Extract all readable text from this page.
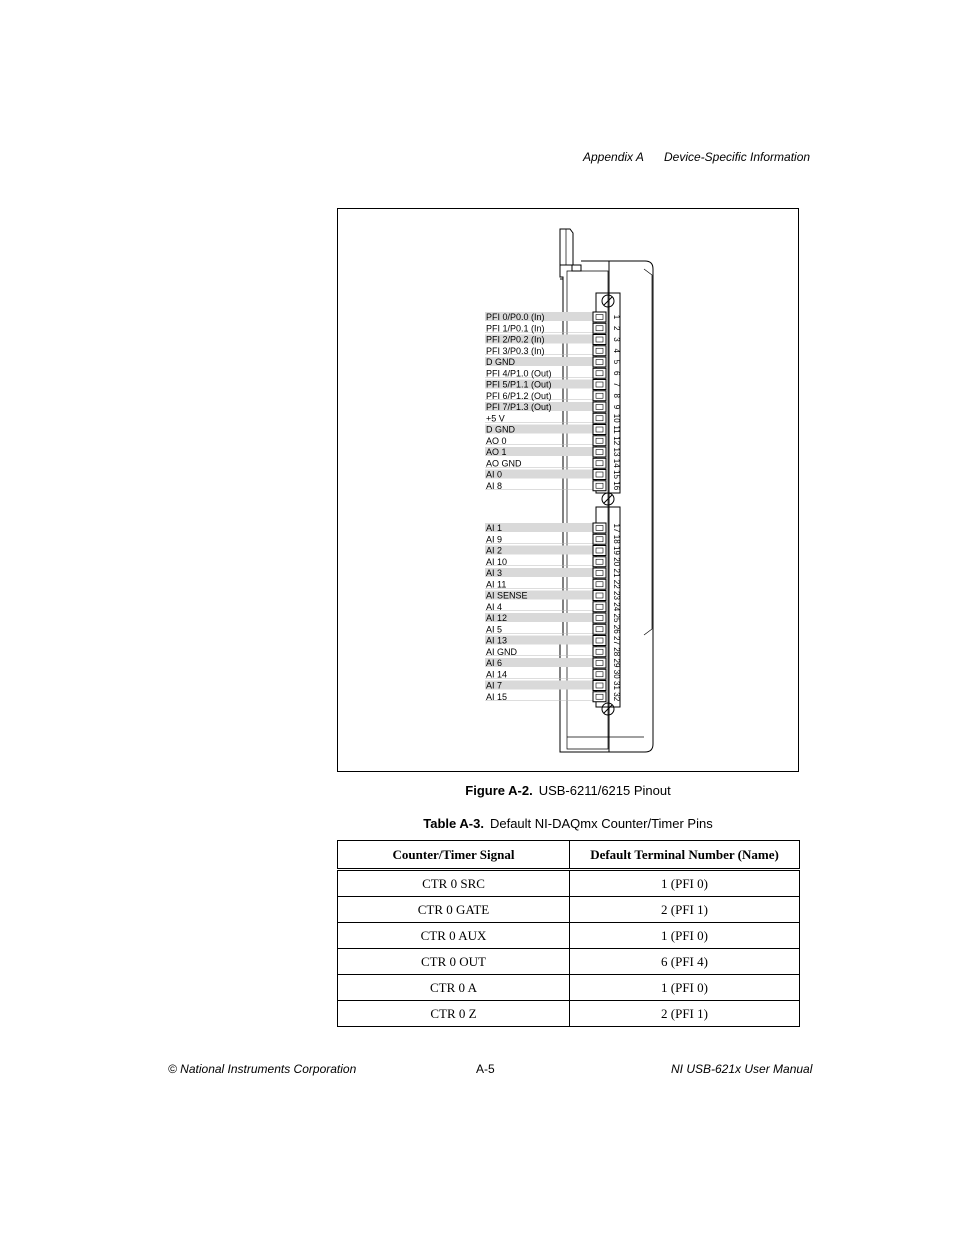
Appendix A Device-Specific Information
PFI 0/P0.0 (In)	1
PFI 1/P0.1 (In)	2
PFI 2/P0.2 (In)	3
PFI 3/P0.3 (In)	4
D GND	5
PFI 4/P1.0 (Out)	6
PFI 5/P1.1 (Out)	7
PFI 6/P1.2 (Out)	8
PFI 7/P1.3 (Out)	9
+5 V	10
D GND	11
AO 0	12
AO 1	13
AO GND	14
AI 0	15
AI 8	16
AI 1	17
AI 9	18
AI 2	19
AI 10	20
AI 3	21
AI 11	22
AI SENSE	23
AI 4	24
AI 12	25
AI 5	26
AI 13	27
AI GND	28
AI 6	29
AI 14	30
AI 7	31
AI 15	32
Figure A-2. USB-6211/6215 Pinout
Table A-3. Default NI-DAQmx Counter/Timer Pins
Counter/Timer Signal	Default Terminal Number (Name)
CTR 0 SRC	1 (PFI 0)
CTR 0 GATE	2 (PFI 1)
CTR 0 AUX	1 (PFI 0)
CTR 0 OUT	6 (PFI 4)
CTR 0 A	1 (PFI 0)
CTR 0 Z	2 (PFI 1)
© National Instruments Corporation	A-5	NI USB-621x User Manual
